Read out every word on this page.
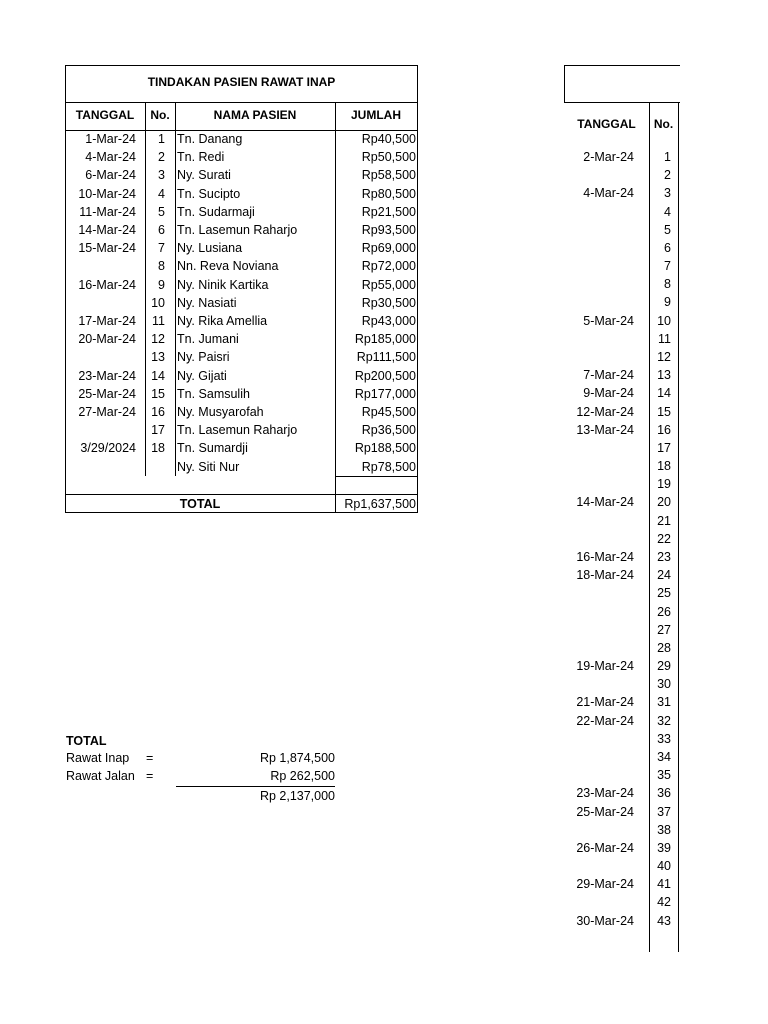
TINDAKAN PASIEN RAWAT INAP
TANGGAL	No.	NAMA PASIEN	JUMLAH
1-Mar-24	1 Tn. Danang	Rp40,500
4-Mar-24	2 Tn. Redi	Rp50,500
6-Mar-24	3 Ny. Surati	Rp58,500
10-Mar-24	4 Tn. Sucipto	Rp80,500
11-Mar-24	5 Tn. Sudarmaji	Rp21,500
14-Mar-24	6 Tn. Lasemun Raharjo	Rp93,500
15-Mar-24	7 Ny. Lusiana	Rp69,000
8 Nn. Reva Noviana	Rp72,000
16-Mar-24	9 Ny. Ninik Kartika	Rp55,000
10 Ny. Nasiati	Rp30,500
17-Mar-24	11 Ny. Rika Amellia	Rp43,000
20-Mar-24	12 Tn. Jumani	Rp185,000
13 Ny. Paisri	Rp111,500
23-Mar-24	14 Ny. Gijati	Rp200,500
25-Mar-24	15 Tn. Samsulih	Rp177,000
27-Mar-24	16 Ny. Musyarofah	Rp45,500
17 Tn. Lasemun Raharjo	Rp36,500
3/29/2024	18 Tn. Sumardji	Rp188,500
Ny. Siti Nur	Rp78,500
TOTAL	Rp1,637,500
TOTAL
Rawat Inap =	Rp 1,874,500
Rawat Jalan =	Rp 262,500
Rp 2,137,000
TANGGAL	No.
2-Mar-24	1
2
4-Mar-24	3
4
5
6
7
8
9
5-Mar-24	10
11
12
7-Mar-24	13
9-Mar-24	14
12-Mar-24	15
13-Mar-24	16
17
18
19
14-Mar-24	20
21
22
16-Mar-24	23
18-Mar-24	24
25
26
27
28
19-Mar-24	29
30
21-Mar-24	31
22-Mar-24	32
33
34
35
23-Mar-24	36
25-Mar-24	37
38
26-Mar-24	39
40
29-Mar-24	41
42
30-Mar-24	43
